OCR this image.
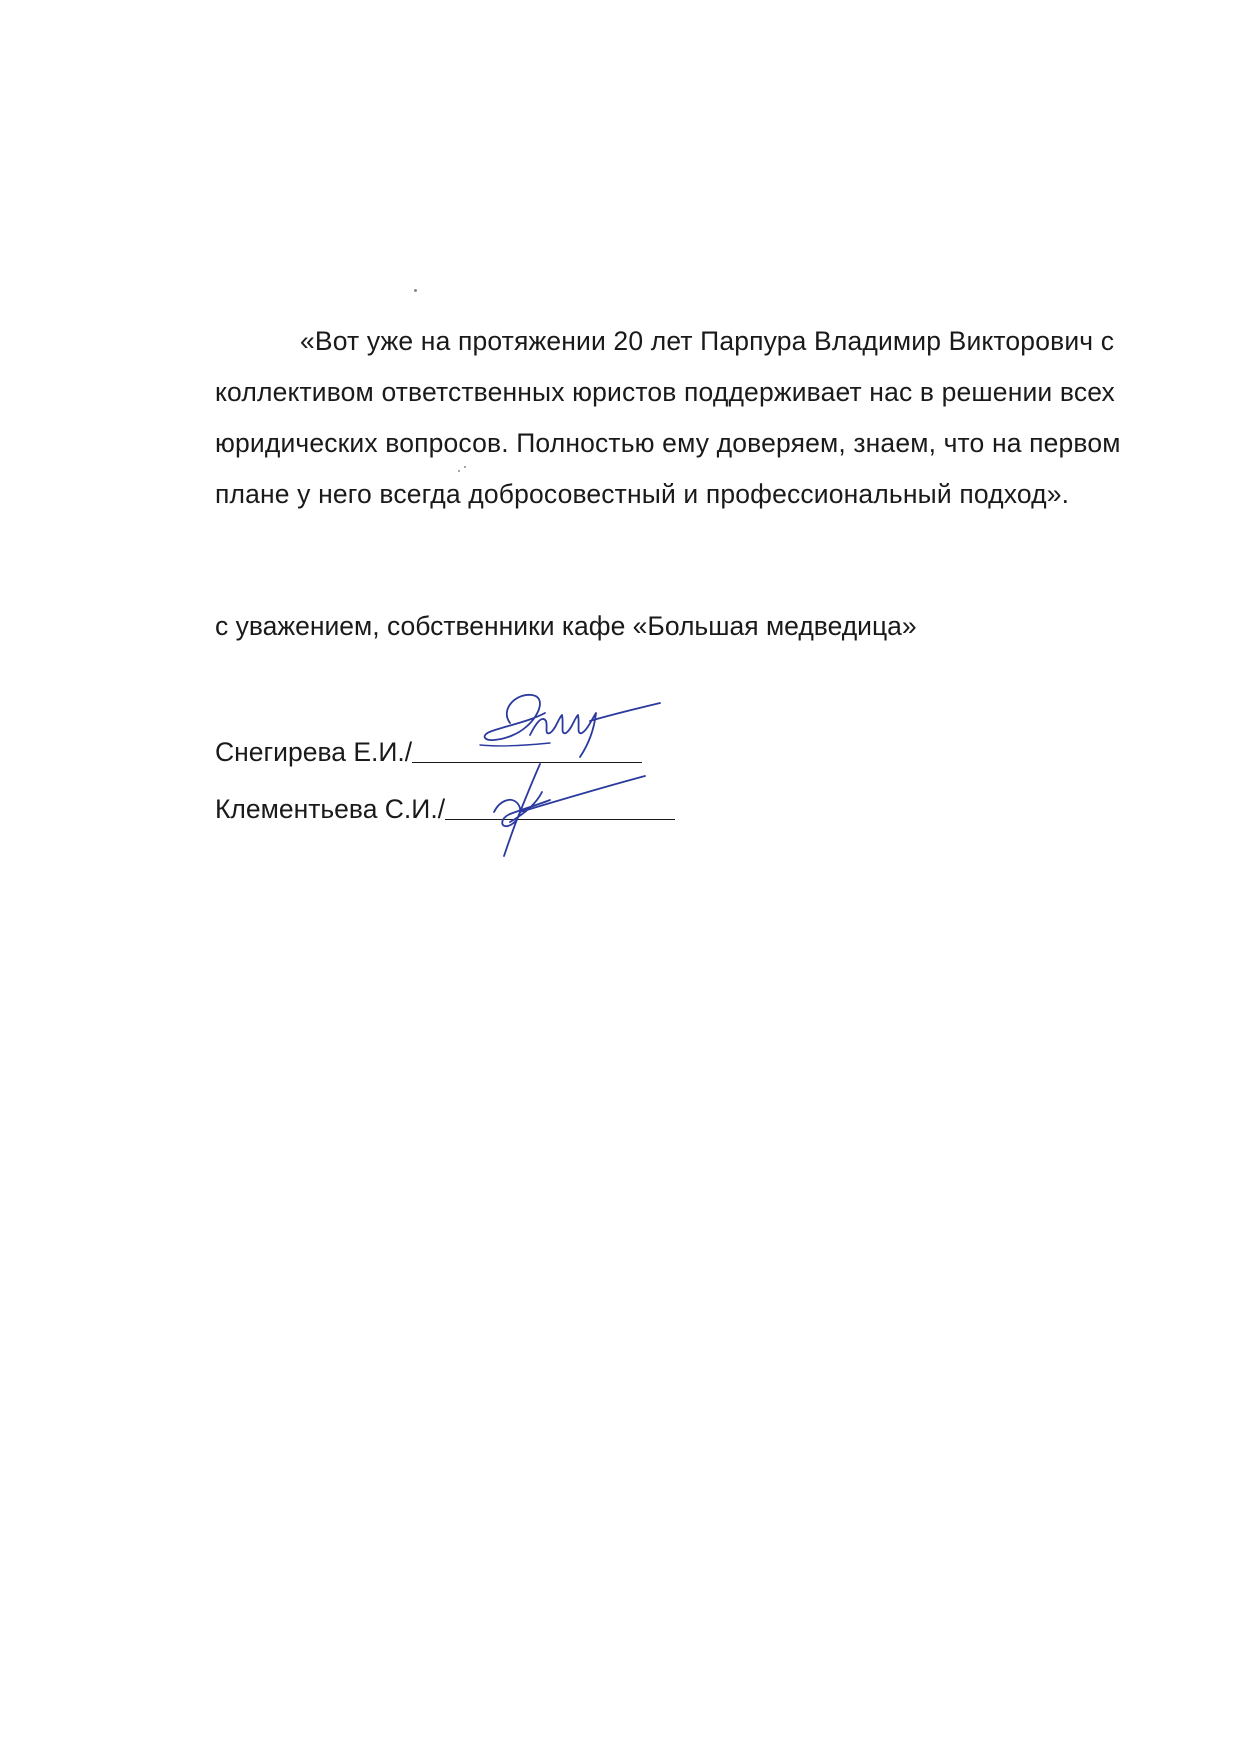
«Вот уже на протяжении 20 лет Парпура Владимир Викторович с

коллективом ответственных юристов поддерживает нас в решении всех

юридических вопросов. Полностью ему доверяем, знаем, что на первом

плане у него всегда добросовестный и профессиональный подход».

с уважением, собственники кафе «Большая медведица»
Снегирева Е.И./
Клементьева С.И./
